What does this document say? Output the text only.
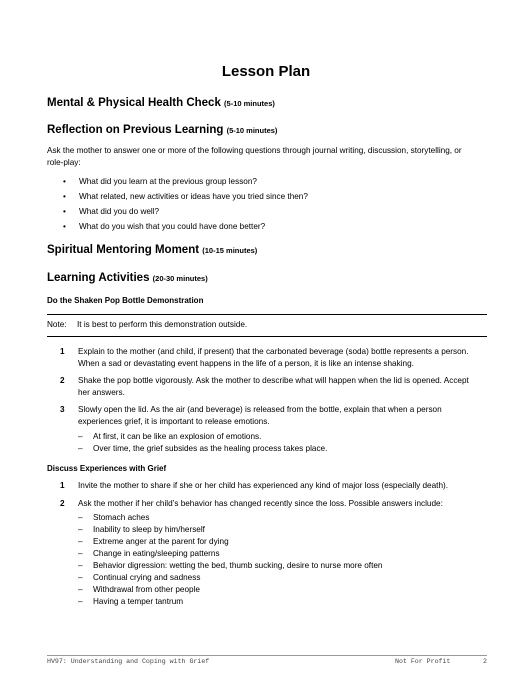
Lesson Plan
Mental & Physical Health Check (5-10 minutes)
Reflection on Previous Learning (5-10 minutes)
Ask the mother to answer one or more of the following questions through journal writing, discussion, storytelling, or role-play:
• What did you learn at the previous group lesson?
• What related, new activities or ideas have you tried since then?
• What did you do well?
• What do you wish that you could have done better?
Spiritual Mentoring Moment (10-15 minutes)
Learning Activities (20-30 minutes)
Do the Shaken Pop Bottle Demonstration
Note: It is best to perform this demonstration outside.
1 Explain to the mother (and child, if present) that the carbonated beverage (soda) bottle represents a person. When a sad or devastating event happens in the life of a person, it is like an intense shaking.
2 Shake the pop bottle vigorously. Ask the mother to describe what will happen when the lid is opened. Accept her answers.
3 Slowly open the lid. As the air (and beverage) is released from the bottle, explain that when a person experiences grief, it is important to release emotions.
– At first, it can be like an explosion of emotions.
– Over time, the grief subsides as the healing process takes place.
Discuss Experiences with Grief
1 Invite the mother to share if she or her child has experienced any kind of major loss (especially death).
2 Ask the mother if her child’s behavior has changed recently since the loss. Possible answers include:
– Stomach aches
– Inability to sleep by him/herself
– Extreme anger at the parent for dying
– Change in eating/sleeping patterns
– Behavior digression: wetting the bed, thumb sucking, desire to nurse more often
– Continual crying and sadness
– Withdrawal from other people
– Having a temper tantrum
HV97: Understanding and Coping with Grief	Not For Profit	2
